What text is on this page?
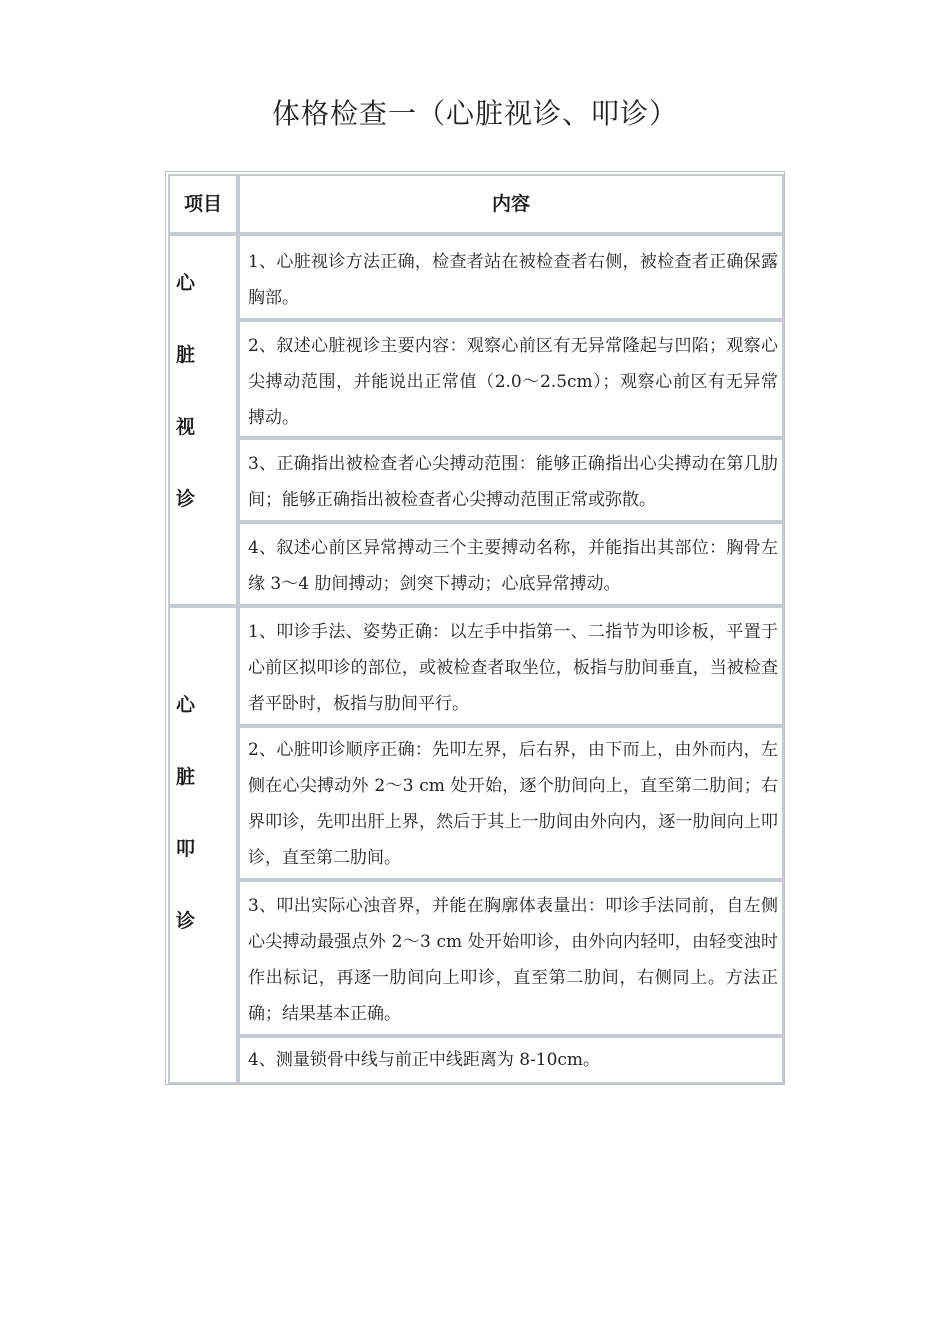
体格检查一（心脏视诊、叩诊）
项目	内容
心
脏
视
诊
1、心脏视诊方法正确，检查者站在被检查者右侧，被检查者正确保露胸部。
2、叙述心脏视诊主要内容：观察心前区有无异常隆起与凹陷；观察心尖搏动范围，并能说出正常值（2.0～2.5cm）；观察心前区有无异常搏动。
3、正确指出被检查者心尖搏动范围：能够正确指出心尖搏动在第几肋间；能够正确指出被检查者心尖搏动范围正常或弥散。
4、叙述心前区异常搏动三个主要搏动名称，并能指出其部位：胸骨左缘 3～4 肋间搏动；剑突下搏动；心底异常搏动。
心
脏
叩
诊
1、叩诊手法、姿势正确：以左手中指第一、二指节为叩诊板，平置于心前区拟叩诊的部位，或被检查者取坐位，板指与肋间垂直，当被检查者平卧时，板指与肋间平行。
2、心脏叩诊顺序正确：先叩左界，后右界，由下而上，由外而内，左侧在心尖搏动外 2～3 cm 处开始，逐个肋间向上，直至第二肋间；右界叩诊，先叩出肝上界，然后于其上一肋间由外向内，逐一肋间向上叩诊，直至第二肋间。
3、叩出实际心浊音界，并能在胸廓体表量出：叩诊手法同前，自左侧心尖搏动最强点外 2～3 cm 处开始叩诊，由外向内轻叩，由轻变浊时作出标记，再逐一肋间向上叩诊，直至第二肋间，右侧同上。方法正确；结果基本正确。
4、测量锁骨中线与前正中线距离为 8-10cm。
